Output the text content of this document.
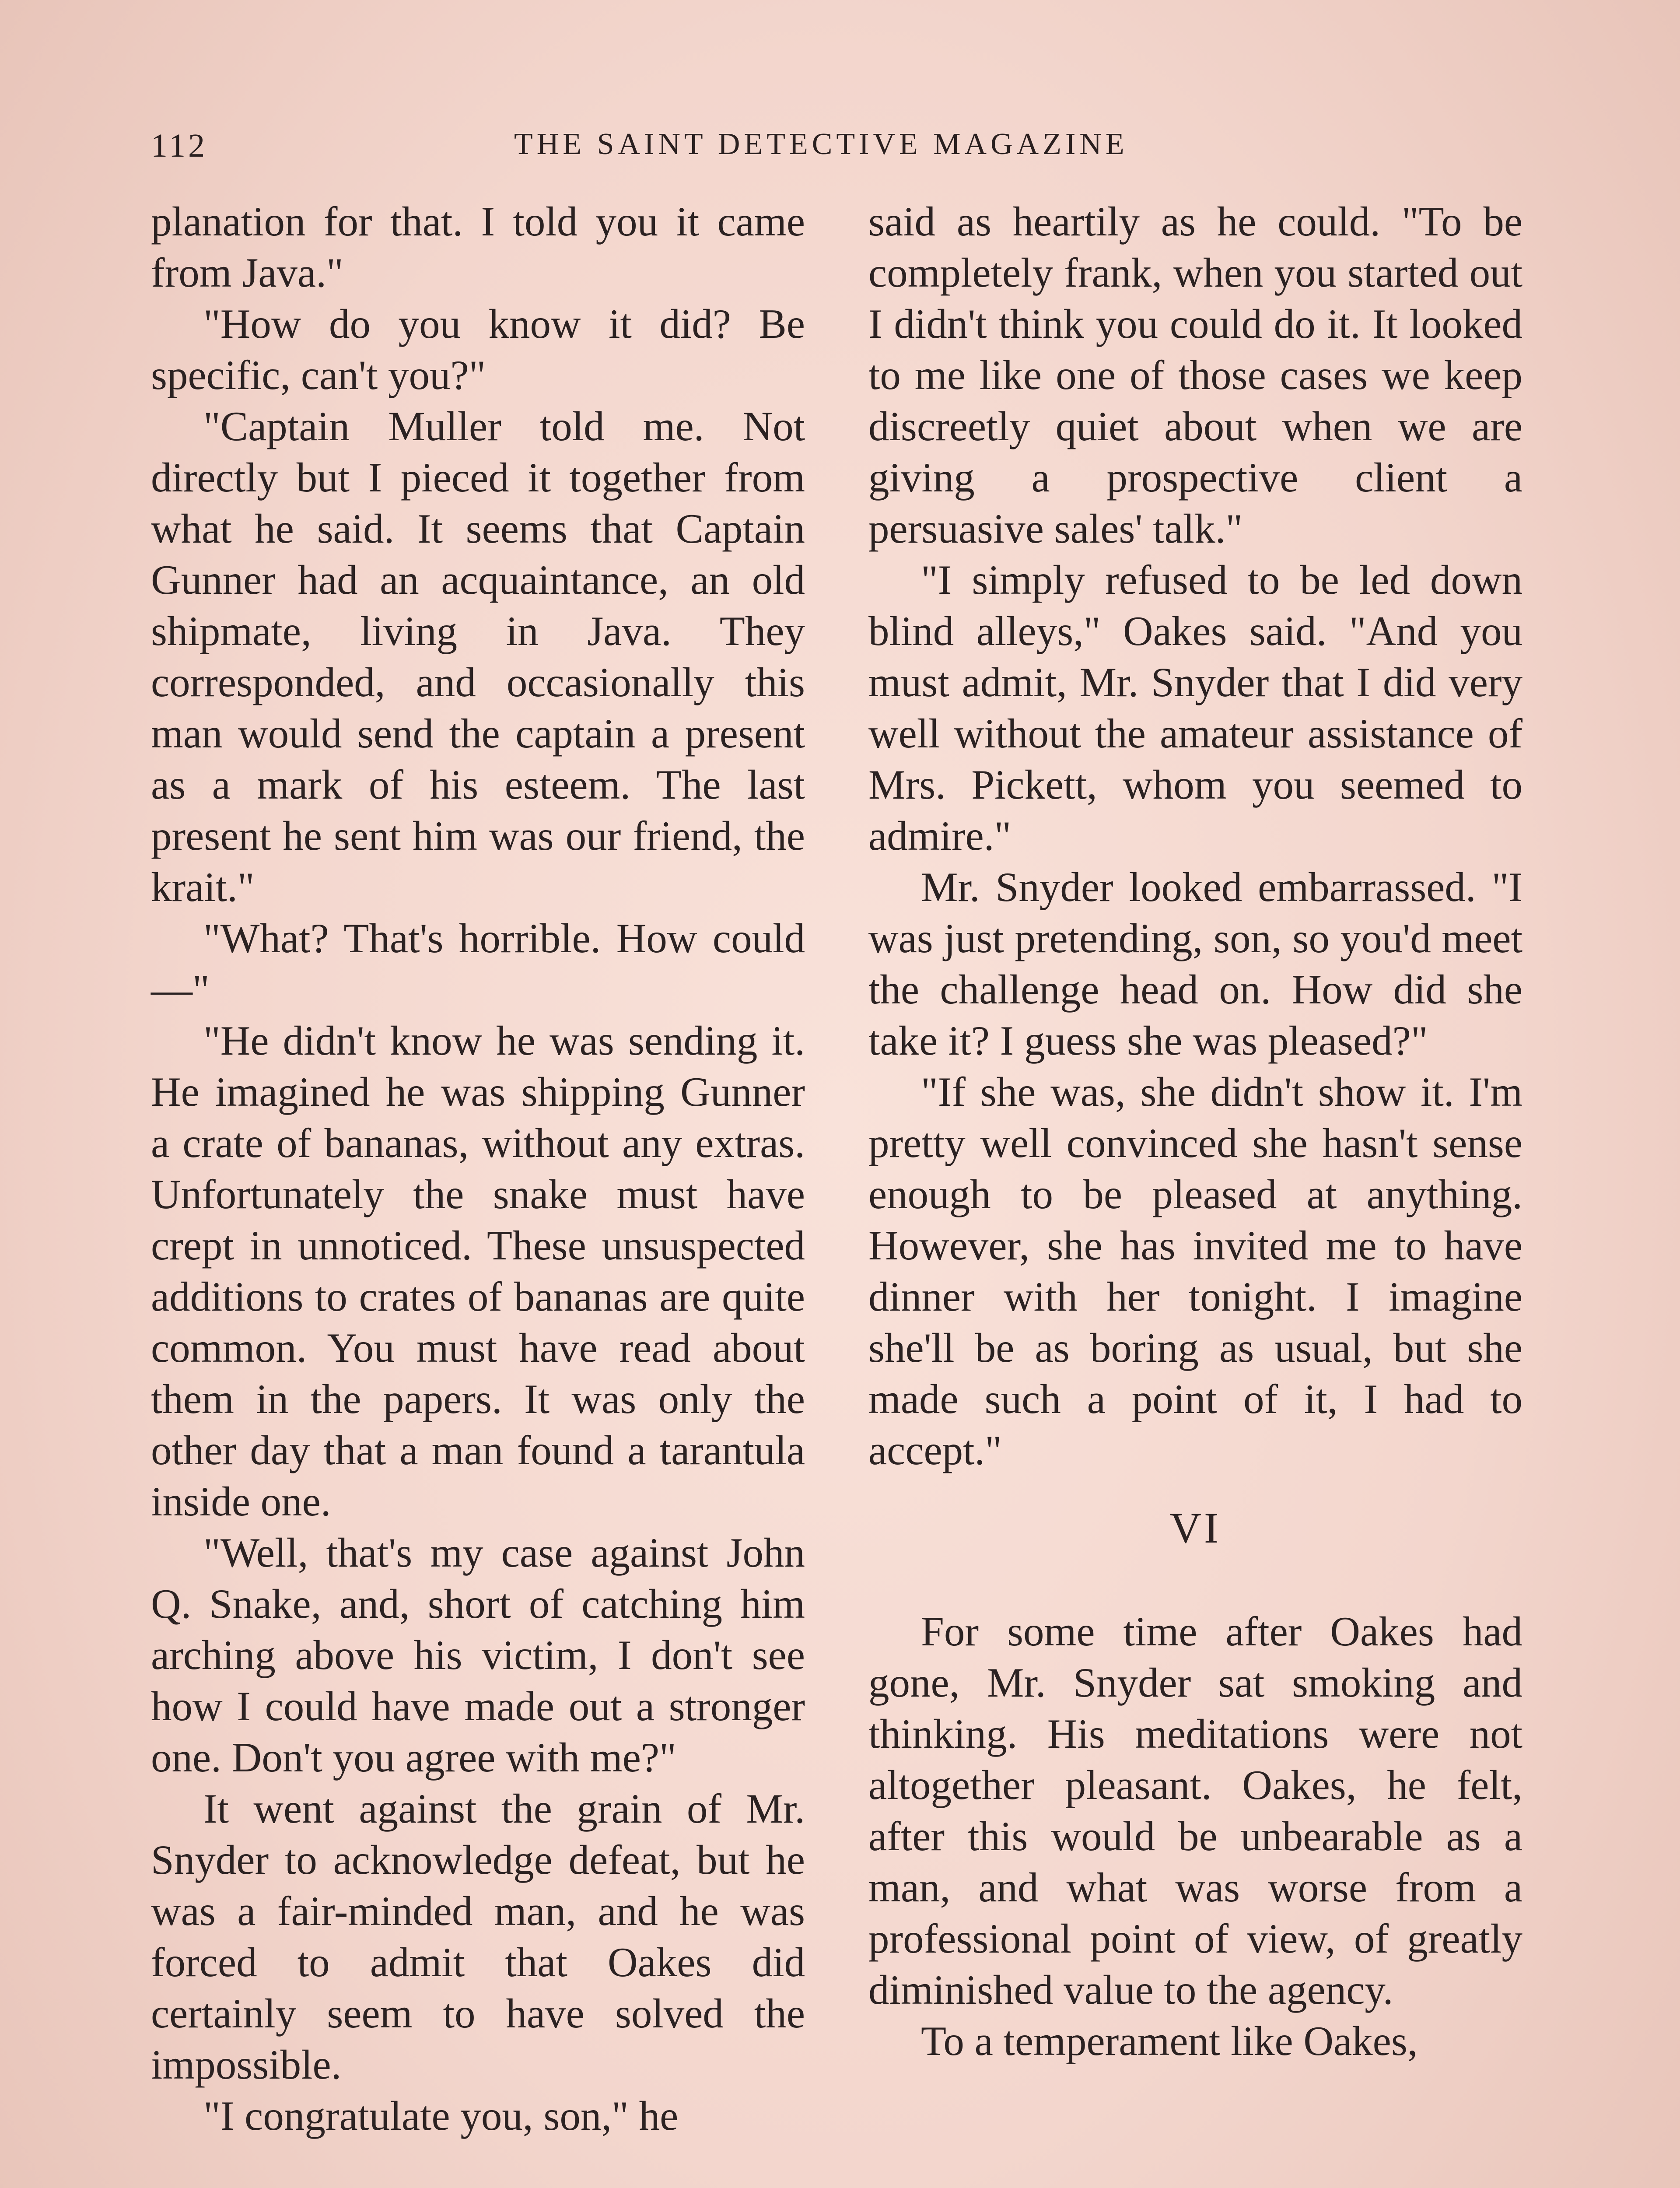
112	THE SAINT DETECTIVE MAGAZINE

planation for that. I told you it came from Java."

"How do you know it did? Be specific, can't you?"

"Captain Muller told me. Not directly but I pieced it together from what he said. It seems that Captain Gunner had an acquaintance, an old shipmate, living in Java. They corresponded, and occasionally this man would send the captain a present as a mark of his esteem. The last present he sent him was our friend, the krait."

"What? That's horrible. How could—"

"He didn't know he was sending it. He imagined he was shipping Gunner a crate of bananas, without any extras. Unfortunately the snake must have crept in unnoticed. These unsuspected additions to crates of bananas are quite common. You must have read about them in the papers. It was only the other day that a man found a tarantula inside one.

"Well, that's my case against John Q. Snake, and, short of catching him arching above his victim, I don't see how I could have made out a stronger one. Don't you agree with me?"

It went against the grain of Mr. Snyder to acknowledge defeat, but he was a fair-minded man, and he was forced to admit that Oakes did certainly seem to have solved the impossible.

"I congratulate you, son," he

said as heartily as he could. "To be completely frank, when you started out I didn't think you could do it. It looked to me like one of those cases we keep discreetly quiet about when we are giving a prospective client a persuasive sales' talk."

"I simply refused to be led down blind alleys," Oakes said. "And you must admit, Mr. Snyder that I did very well without the amateur assistance of Mrs. Pickett, whom you seemed to admire."

Mr. Snyder looked embarrassed. "I was just pretending, son, so you'd meet the challenge head on. How did she take it? I guess she was pleased?"

"If she was, she didn't show it. I'm pretty well convinced she hasn't sense enough to be pleased at anything. However, she has invited me to have dinner with her tonight. I imagine she'll be as boring as usual, but she made such a point of it, I had to accept."

VI

For some time after Oakes had gone, Mr. Snyder sat smoking and thinking. His meditations were not altogether pleasant. Oakes, he felt, after this would be unbearable as a man, and what was worse from a professional point of view, of greatly diminished value to the agency.

To a temperament like Oakes,
